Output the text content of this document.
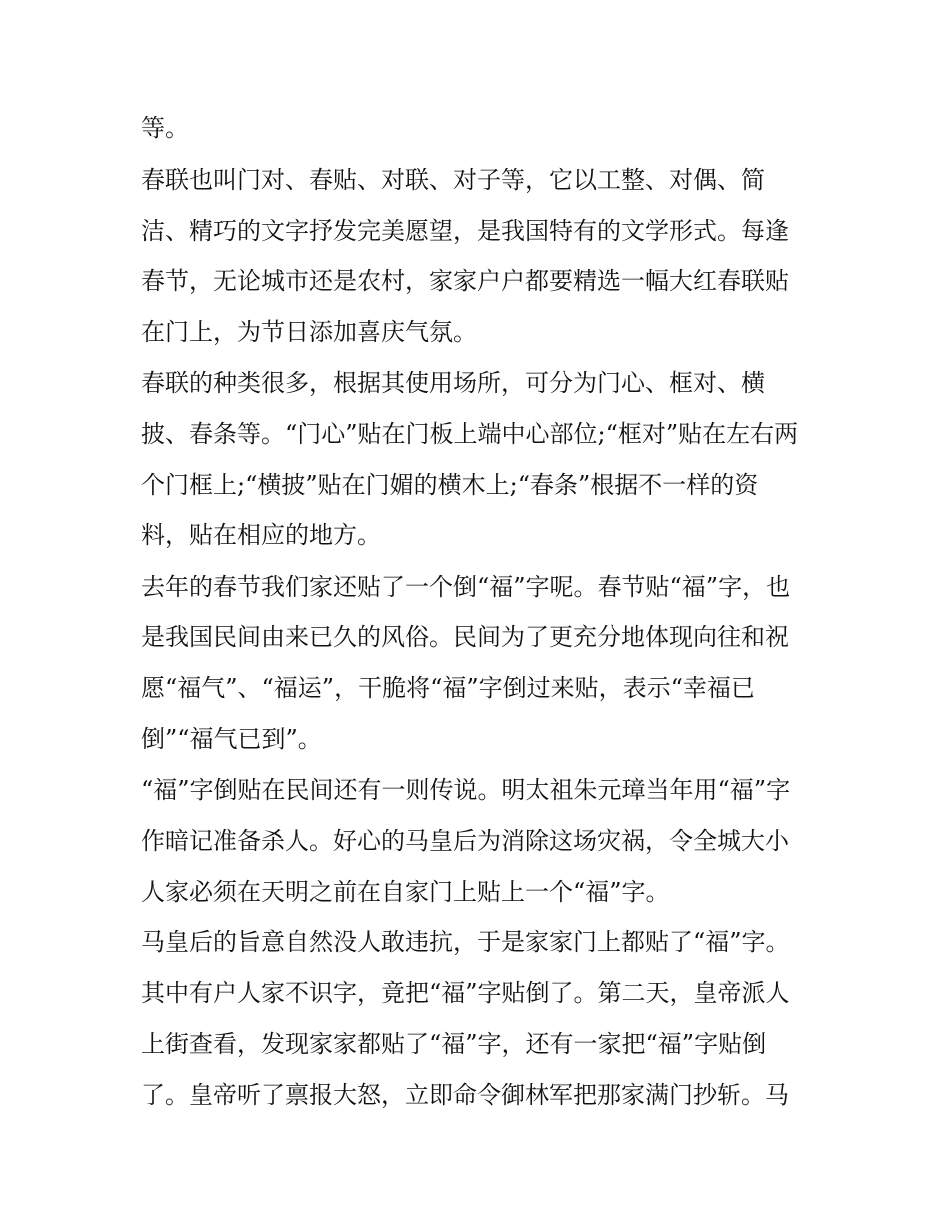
等。
春联也叫门对、春贴、对联、对子等，它以工整、对偶、简
洁、精巧的文字抒发完美愿望，是我国特有的文学形式。每逢
春节，无论城市还是农村，家家户户都要精选一幅大红春联贴
在门上，为节日添加喜庆气氛。
春联的种类很多，根据其使用场所，可分为门心、框对、横
披、春条等。“门心”贴在门板上端中心部位;“框对”贴在左右两
个门框上;“横披”贴在门媚的横木上;“春条”根据不一样的资
料，贴在相应的地方。
去年的春节我们家还贴了一个倒“福”字呢。春节贴“福”字，也
是我国民间由来已久的风俗。民间为了更充分地体现向往和祝
愿“福气”、“福运”，干脆将“福”字倒过来贴，表示“幸福已
倒”“福气已到”。
“福”字倒贴在民间还有一则传说。明太祖朱元璋当年用“福”字
作暗记准备杀人。好心的马皇后为消除这场灾祸，令全城大小
人家必须在天明之前在自家门上贴上一个“福”字。
马皇后的旨意自然没人敢违抗，于是家家门上都贴了“福”字。
其中有户人家不识字，竟把“福”字贴倒了。第二天，皇帝派人
上街查看，发现家家都贴了“福”字，还有一家把“福”字贴倒
了。皇帝听了禀报大怒，立即命令御林军把那家满门抄斩。马
